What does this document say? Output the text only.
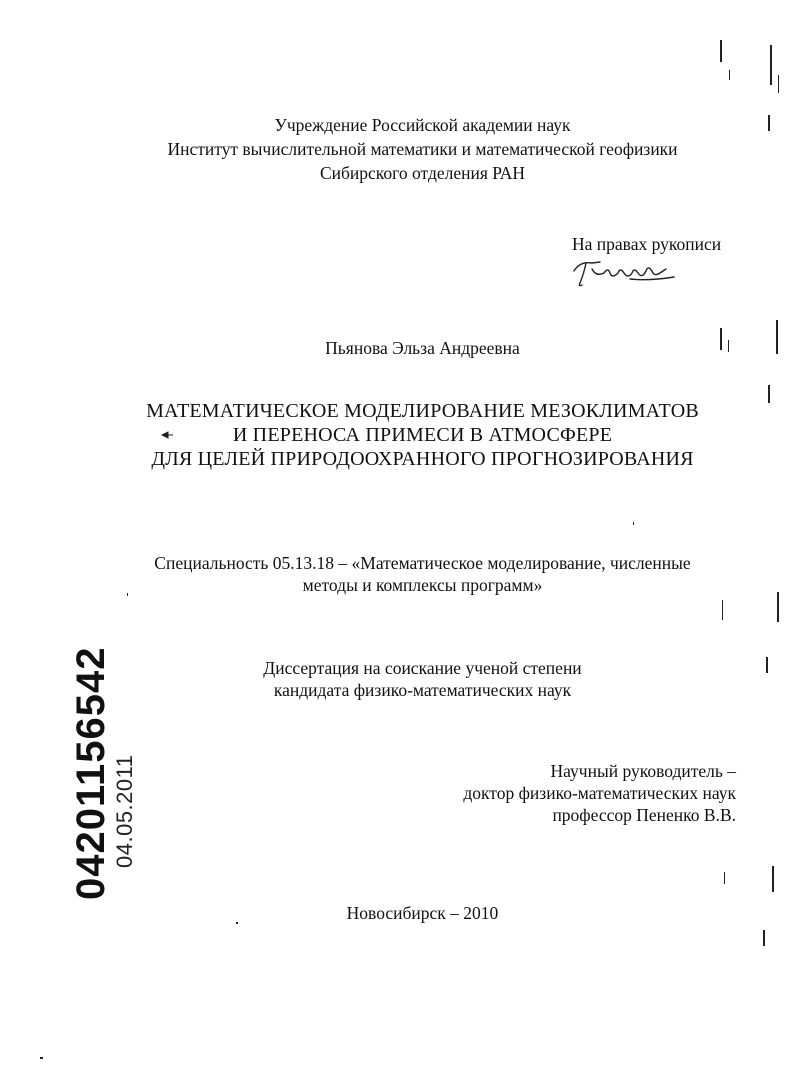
Учреждение Российской академии наук
Институт вычислительной математики и математической геофизики
Сибирского отделения РАН
На правах рукописи
Пьянова Эльза Андреевна
МАТЕМАТИЧЕСКОЕ МОДЕЛИРОВАНИЕ МЕЗОКЛИМАТОВ
И ПЕРЕНОСА ПРИМЕСИ В АТМОСФЕРЕ
ДЛЯ ЦЕЛЕЙ ПРИРОДООХРАННОГО ПРОГНОЗИРОВАНИЯ
Специальность 05.13.18 – «Математическое моделирование, численные
методы и комплексы программ»
Диссертация на соискание ученой степени
кандидата физико-математических наук
Научный руководитель –
доктор физико-математических наук
профессор Пененко В.В.
Новосибирск – 2010
04201156542 04.05.2011
